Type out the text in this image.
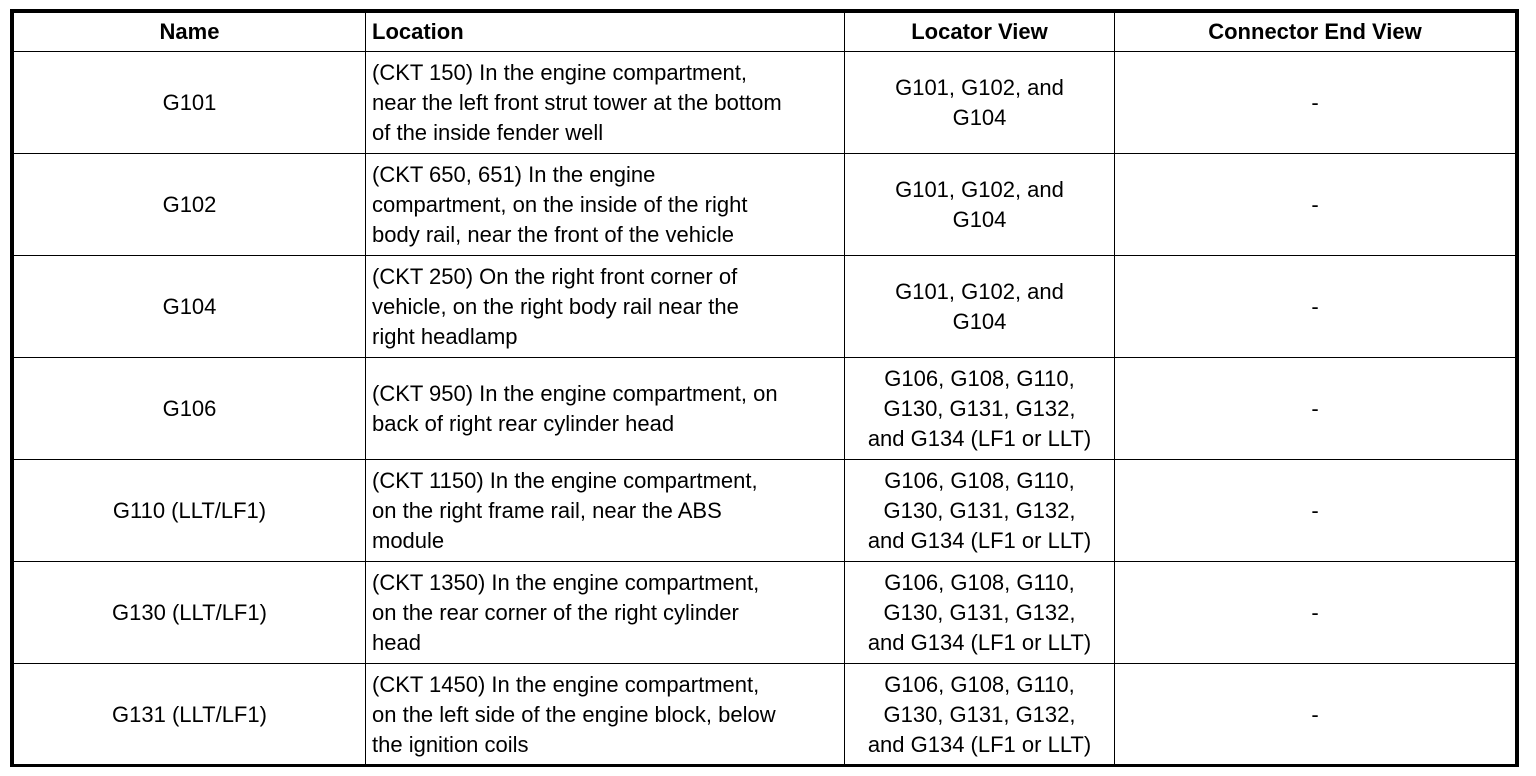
Name	Location	Locator View	Connector End View
G101	(CKT 150) In the engine compartment,
near the left front strut tower at the bottom
of the inside fender well	G101, G102, and
G104	-
G102	(CKT 650, 651) In the engine
compartment, on the inside of the right
body rail, near the front of the vehicle	G101, G102, and
G104	-
G104	(CKT 250) On the right front corner of
vehicle, on the right body rail near the
right headlamp	G101, G102, and
G104	-
G106	(CKT 950) In the engine compartment, on
back of right rear cylinder head	G106, G108, G110,
G130, G131, G132,
and G134 (LF1 or LLT)	-
G110 (LLT/LF1)	(CKT 1150) In the engine compartment,
on the right frame rail, near the ABS
module	G106, G108, G110,
G130, G131, G132,
and G134 (LF1 or LLT)	-
G130 (LLT/LF1)	(CKT 1350) In the engine compartment,
on the rear corner of the right cylinder
head	G106, G108, G110,
G130, G131, G132,
and G134 (LF1 or LLT)	-
G131 (LLT/LF1)	(CKT 1450) In the engine compartment,
on the left side of the engine block, below
the ignition coils	G106, G108, G110,
G130, G131, G132,
and G134 (LF1 or LLT)	-
